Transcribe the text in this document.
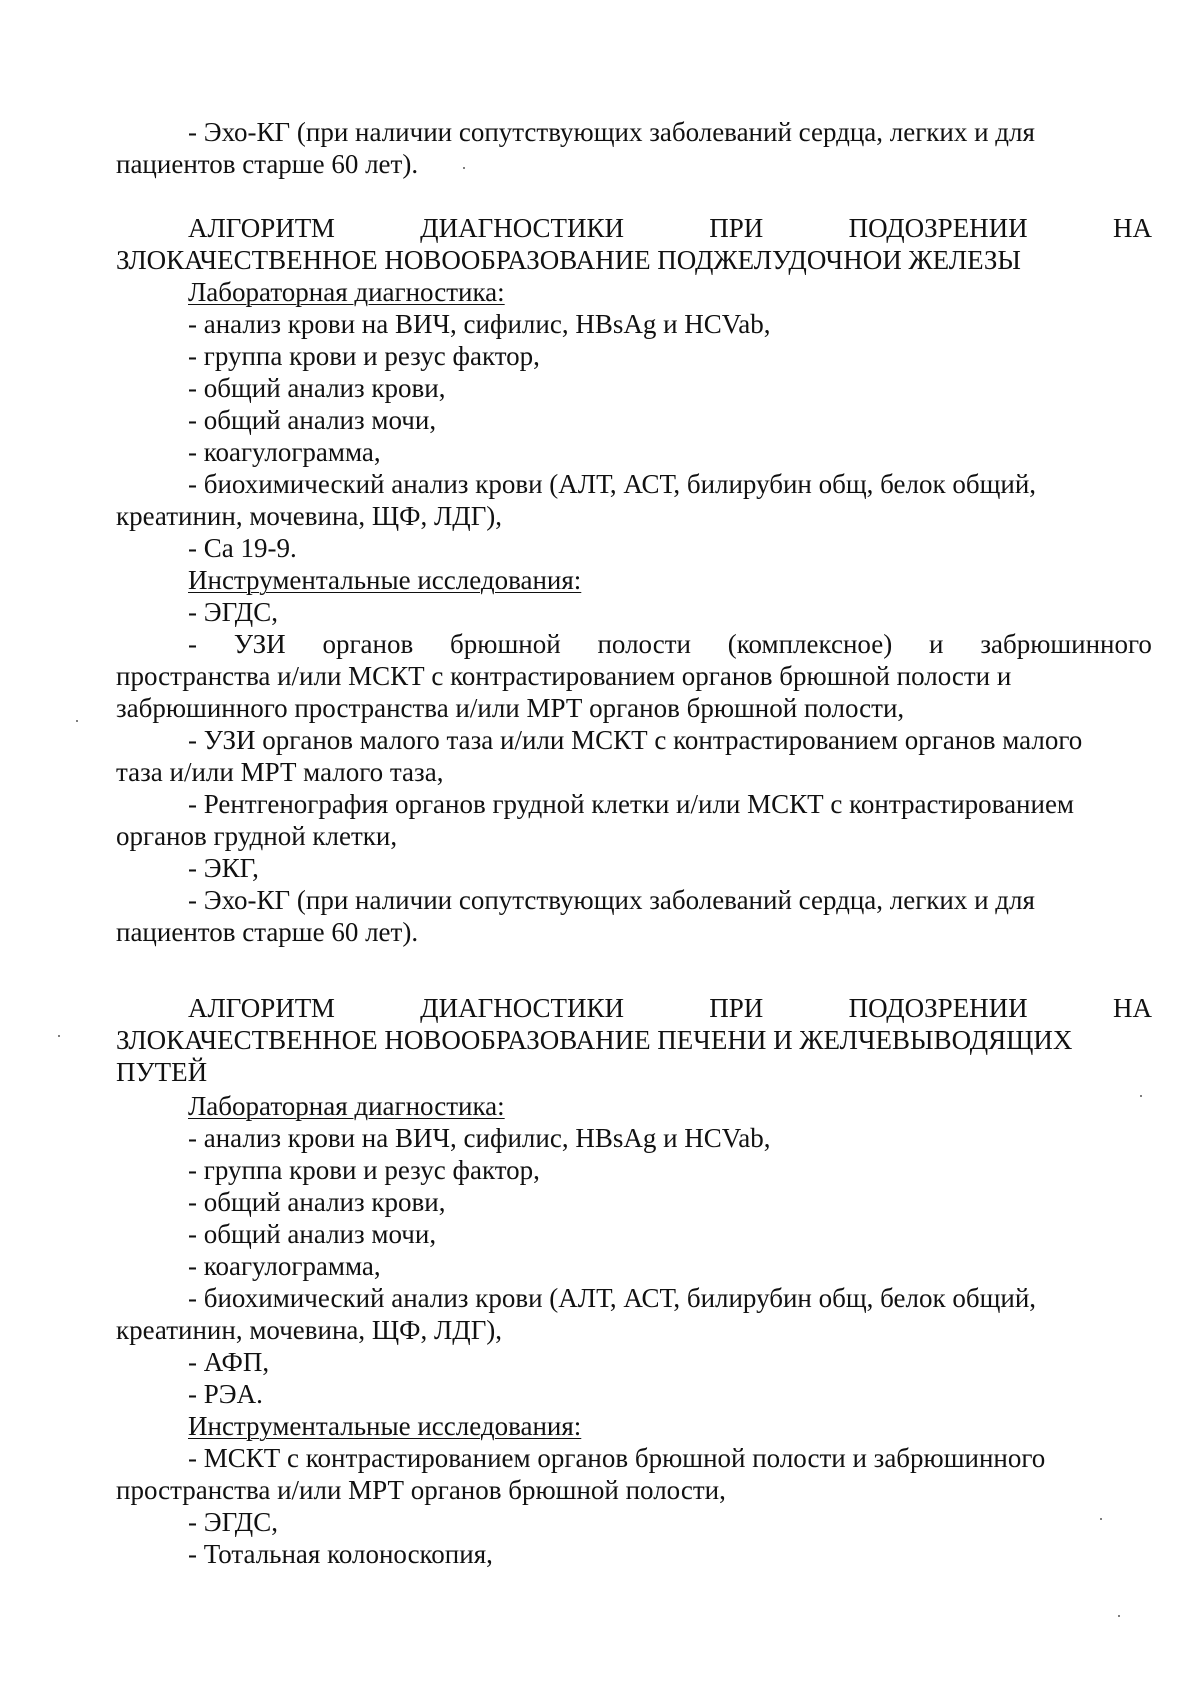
- Эхо-КГ (при наличии сопутствующих заболеваний сердца, легких и для
пациентов старше 60 лет).
АЛГОРИТМ	ДИАГНОСТИКИ	ПРИ	ПОДОЗРЕНИИ	НА
ЗЛОКАЧЕСТВЕННОЕ НОВООБРАЗОВАНИЕ ПОДЖЕЛУДОЧНОИ ЖЕЛЕЗЫ
Лабораторная диагностика:
- анализ крови на ВИЧ, сифилис, HBsAg и HCVab,
- группа крови и резус фактор,
- общий анализ крови,
- общий анализ мочи,
- коагулограмма,
- биохимический анализ крови (АЛТ, АСТ, билирубин общ, белок общий,
креатинин, мочевина, ЩФ, ЛДГ),
- Са 19-9.
Инструментальные исследования:
- ЭГДС,
- УЗИ органов брюшной полости (комплексное) и забрюшинного
пространства и/или МСКТ с контрастированием органов брюшной полости и
забрюшинного пространства и/или МРТ органов брюшной полости,
- УЗИ органов малого таза и/или МСКТ с контрастированием органов малого
таза и/или МРТ малого таза,
- Рентгенография органов грудной клетки и/или МСКТ с контрастированием
органов грудной клетки,
- ЭКГ,
- Эхо-КГ (при наличии сопутствующих заболеваний сердца, легких и для
пациентов старше 60 лет).
АЛГОРИТМ	ДИАГНОСТИКИ	ПРИ	ПОДОЗРЕНИИ	НА
ЗЛОКАЧЕСТВЕННОЕ НОВООБРАЗОВАНИЕ ПЕЧЕНИ И ЖЕЛЧЕВЫВОДЯЩИХ
ПУТЕЙ
Лабораторная диагностика:
- анализ крови на ВИЧ, сифилис, HBsAg и HCVab,
- группа крови и резус фактор,
- общий анализ крови,
- общий анализ мочи,
- коагулограмма,
- биохимический анализ крови (АЛТ, АСТ, билирубин общ, белок общий,
креатинин, мочевина, ЩФ, ЛДГ),
- АФП,
- РЭА.
Инструментальные исследования:
- МСКТ с контрастированием органов брюшной полости и забрюшинного
пространства и/или МРТ органов брюшной полости,
- ЭГДС,
- Тотальная колоноскопия,
